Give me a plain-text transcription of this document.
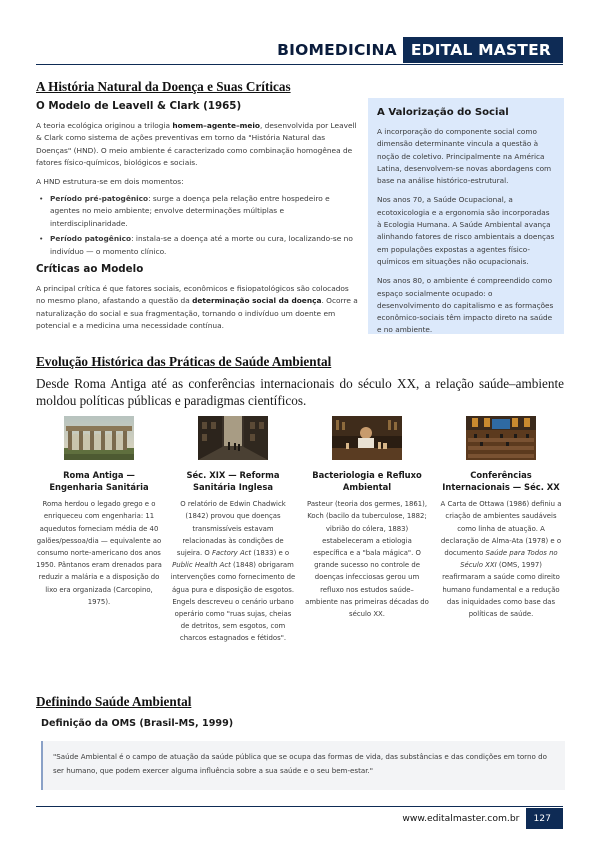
BIOMEDICINA EDITAL MASTER
A História Natural da Doença e Suas Críticas
O Modelo de Leavell & Clark (1965)

A teoria ecológica originou a trilogia homem–agente–meio, desenvolvida por Leavell & Clark como sistema de ações preventivas em torno da "História Natural das Doenças" (HND). O meio ambiente é caracterizado como combinação homogênea de fatores físico-químicos, biológicos e sociais.

A HND estrutura-se em dois momentos:

• Período pré-patogênico: surge a doença pela relação entre hospedeiro e agentes no meio ambiente; envolve determinações múltiplas e interdisciplinaridade.
• Período patogênico: instala-se a doença até a morte ou cura, localizando-se no indivíduo — o momento clínico.
Críticas ao Modelo

A principal crítica é que fatores sociais, econômicos e fisiopatológicos são colocados no mesmo plano, afastando a questão da determinação social da doença. Ocorre a naturalização do social e sua fragmentação, tornando o indivíduo um doente em potencial e a medicina uma necessidade contínua.

A Valorização do Social

A incorporação do componente social como dimensão determinante vincula a questão à noção de coletivo. Principalmente na América Latina, desenvolvem-se novas abordagens com base na análise histórico-estrutural.

Nos anos 70, a Saúde Ocupacional, a ecotoxicologia e a ergonomia são incorporadas à Ecologia Humana. A Saúde Ambiental avança alinhando fatores de risco ambientais a doenças em populações expostas a agentes físico-químicos em situações não ocupacionais.

Nos anos 80, o ambiente é compreendido como espaço socialmente ocupado: o desenvolvimento do capitalismo e as formações econômico-sociais têm impacto direto na saúde e no ambiente.

Evolução Histórica das Práticas de Saúde Ambiental

Desde Roma Antiga até as conferências internacionais do século XX, a relação saúde–ambiente moldou políticas públicas e paradigmas científicos.

Roma Antiga — Engenharia Sanitária
Roma herdou o legado grego e o enriqueceu com engenharia: 11 aquedutos forneciam média de 40 galões/pessoa/dia — equivalente ao consumo norte-americano dos anos 1950. Pântanos eram drenados para reduzir a malária e a disposição do lixo era organizada (Carcopino, 1975).
Séc. XIX — Reforma Sanitária Inglesa
O relatório de Edwin Chadwick (1842) provou que doenças transmissíveis estavam relacionadas às condições de sujeira. O Factory Act (1833) e o Public Health Act (1848) obrigaram intervenções como fornecimento de água pura e disposição de esgotos. Engels descreveu o cenário urbano operário como "ruas sujas, cheias de detritos, sem esgotos, com charcos estagnados e fétidos".
Bacteriologia e Refluxo Ambiental
Pasteur (teoria dos germes, 1861), Koch (bacilo da tuberculose, 1882; vibrião do cólera, 1883) estabeleceram a etiologia específica e a "bala mágica". O grande sucesso no controle de doenças infecciosas gerou um refluxo nos estudos saúde–ambiente nas primeiras décadas do século XX.
Conferências Internacionais — Séc. XX
A Carta de Ottawa (1986) definiu a criação de ambientes saudáveis como linha de atuação. A declaração de Alma-Ata (1978) e o documento Saúde para Todos no Século XXI (OMS, 1997) reafirmaram a saúde como direito humano fundamental e a redução das iniquidades como base das políticas de saúde.
Definindo Saúde Ambiental
Definição da OMS (Brasil-MS, 1999)
"Saúde Ambiental é o campo de atuação da saúde pública que se ocupa das formas de vida, das substâncias e das condições em torno do ser humano, que podem exercer alguma influência sobre a sua saúde e o seu bem-estar."
www.editalmaster.com.br	127
